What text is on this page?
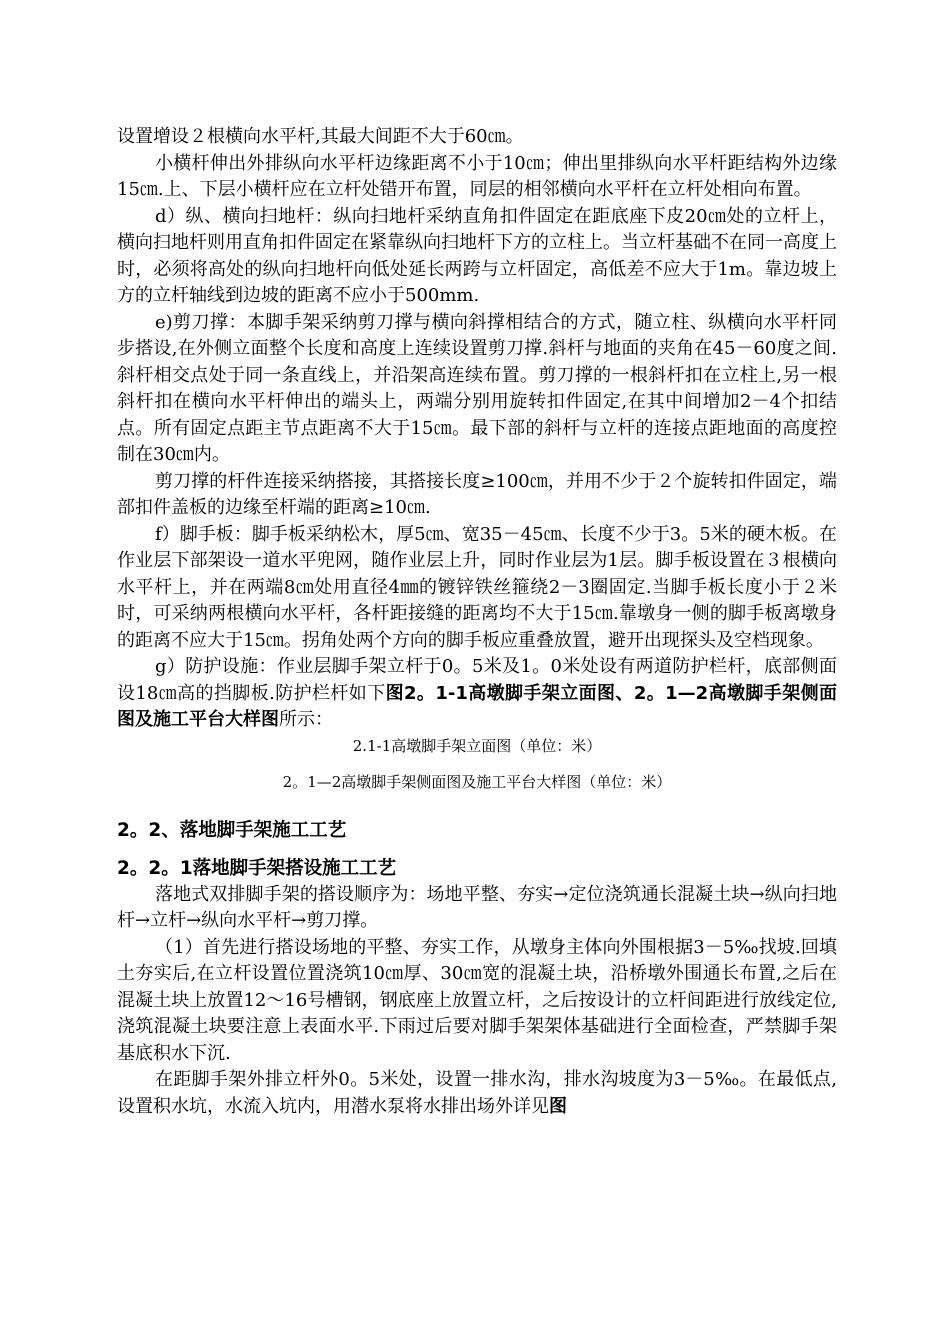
设置增设２根横向水平杆,其最大间距不大于60㎝。

小横杆伸出外排纵向水平杆边缘距离不小于10㎝；伸出里排纵向水平杆距结构外边缘15㎝.上、下层小横杆应在立杆处错开布置，同层的相邻横向水平杆在立杆处相向布置。

d）纵、横向扫地杆：纵向扫地杆采纳直角扣件固定在距底座下皮20㎝处的立杆上，横向扫地杆则用直角扣件固定在紧靠纵向扫地杆下方的立柱上。当立杆基础不在同一高度上时，必须将高处的纵向扫地杆向低处延长两跨与立杆固定，高低差不应大于1m。靠边坡上方的立杆轴线到边坡的距离不应小于500mm.

e)剪刀撑：本脚手架采纳剪刀撑与横向斜撑相结合的方式，随立柱、纵横向水平杆同步搭设,在外侧立面整个长度和高度上连续设置剪刀撑.斜杆与地面的夹角在45－60度之间.斜杆相交点处于同一条直线上，并沿架高连续布置。剪刀撑的一根斜杆扣在立柱上,另一根斜杆扣在横向水平杆伸出的端头上，两端分别用旋转扣件固定,在其中间增加2－4个扣结点。所有固定点距主节点距离不大于15㎝。最下部的斜杆与立杆的连接点距地面的高度控制在30㎝内。

剪刀撑的杆件连接采纳搭接，其搭接长度≥100㎝，并用不少于２个旋转扣件固定，端部扣件盖板的边缘至杆端的距离≥10㎝.

f）脚手板：脚手板采纳松木，厚5㎝、宽35－45㎝、长度不少于3。5米的硬木板。在作业层下部架设一道水平兜网，随作业层上升，同时作业层为1层。脚手板设置在３根横向水平杆上，并在两端8㎝处用直径4㎜的镀锌铁丝箍绕2－3圈固定.当脚手板长度小于２米时，可采纳两根横向水平杆，各杆距接缝的距离均不大于15㎝.靠墩身一侧的脚手板离墩身的距离不应大于15㎝。拐角处两个方向的脚手板应重叠放置，避开出现探头及空档现象。

g）防护设施：作业层脚手架立杆于0。5米及1。0米处设有两道防护栏杆，底部侧面设18㎝高的挡脚板.防护栏杆如下图2。1-1高墩脚手架立面图、2。1—2高墩脚手架侧面图及施工平台大样图所示：

2.1-1高墩脚手架立面图（单位：米）

2。1—2高墩脚手架侧面图及施工平台大样图（单位：米）

2。2、落地脚手架施工工艺

2。2。1落地脚手架搭设施工工艺

落地式双排脚手架的搭设顺序为：场地平整、夯实→定位浇筑通长混凝土块→纵向扫地杆→立杆→纵向水平杆→剪刀撑。

（1）首先进行搭设场地的平整、夯实工作，从墩身主体向外围根据3－5‰找坡.回填土夯实后,在立杆设置位置浇筑10㎝厚、30㎝宽的混凝土块，沿桥墩外围通长布置,之后在混凝土块上放置12～16号槽钢，钢底座上放置立杆，之后按设计的立杆间距进行放线定位,浇筑混凝土块要注意上表面水平.下雨过后要对脚手架架体基础进行全面检查，严禁脚手架基底积水下沉.

在距脚手架外排立杆外0。5米处，设置一排水沟，排水沟坡度为3－5‰。在最低点,设置积水坑，水流入坑内，用潜水泵将水排出场外详见图
